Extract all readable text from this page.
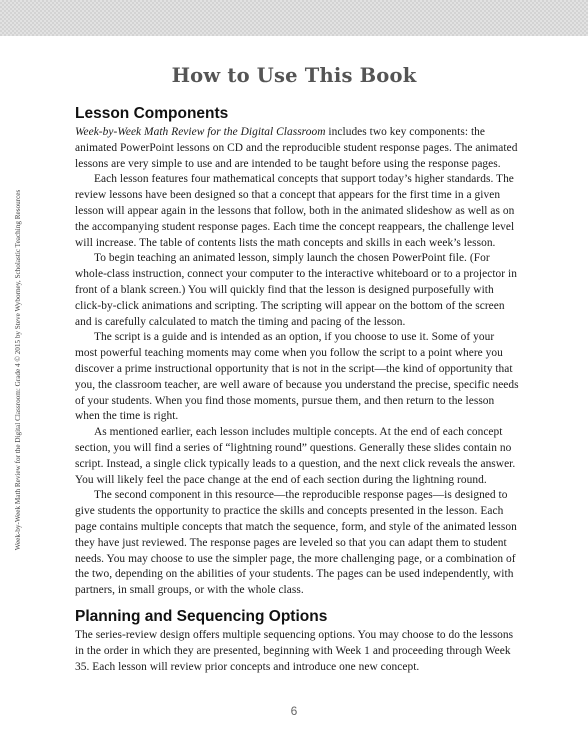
Week-by-Week Math Review for the Digital Classroom: Grade 4 © 2015 by Steve Wyborney, Scholastic Teaching Resources
How to Use This Book
Lesson Components

Week-by-Week Math Review for the Digital Classroom includes two key components: the animated PowerPoint lessons on CD and the reproducible student response pages. The animated lessons are very simple to use and are intended to be taught before using the response pages.

Each lesson features four mathematical concepts that support today’s higher standards. The review lessons have been designed so that a concept that appears for the first time in a given lesson will appear again in the lessons that follow, both in the animated slideshow as well as on the accompanying student response pages. Each time the concept reappears, the challenge level will increase. The table of contents lists the math concepts and skills in each week’s lesson.

To begin teaching an animated lesson, simply launch the chosen PowerPoint file. (For whole-class instruction, connect your computer to the interactive whiteboard or to a projector in front of a blank screen.) You will quickly find that the lesson is designed purposefully with click-by-click animations and scripting. The scripting will appear on the bottom of the screen and is carefully calculated to match the timing and pacing of the lesson.

The script is a guide and is intended as an option, if you choose to use it. Some of your most powerful teaching moments may come when you follow the script to a point where you discover a prime instructional opportunity that is not in the script—the kind of opportunity that you, the classroom teacher, are well aware of because you understand the precise, specific needs of your students. When you find those moments, pursue them, and then return to the lesson when the time is right.

As mentioned earlier, each lesson includes multiple concepts. At the end of each concept section, you will find a series of “lightning round” questions. Generally these slides contain no script. Instead, a single click typically leads to a question, and the next click reveals the answer. You will likely feel the pace change at the end of each section during the lightning round.

The second component in this resource—the reproducible response pages—is designed to give students the opportunity to practice the skills and concepts presented in the lesson. Each page contains multiple concepts that match the sequence, form, and style of the animated lesson they have just reviewed. The response pages are leveled so that you can adapt them to student needs. You may choose to use the simpler page, the more challenging page, or a combination of the two, depending on the abilities of your students. The pages can be used independently, with partners, in small groups, or with the whole class.

Planning and Sequencing Options

The series-review design offers multiple sequencing options. You may choose to do the lessons in the order in which they are presented, beginning with Week 1 and proceeding through Week 35. Each lesson will review prior concepts and introduce one new concept.

6
